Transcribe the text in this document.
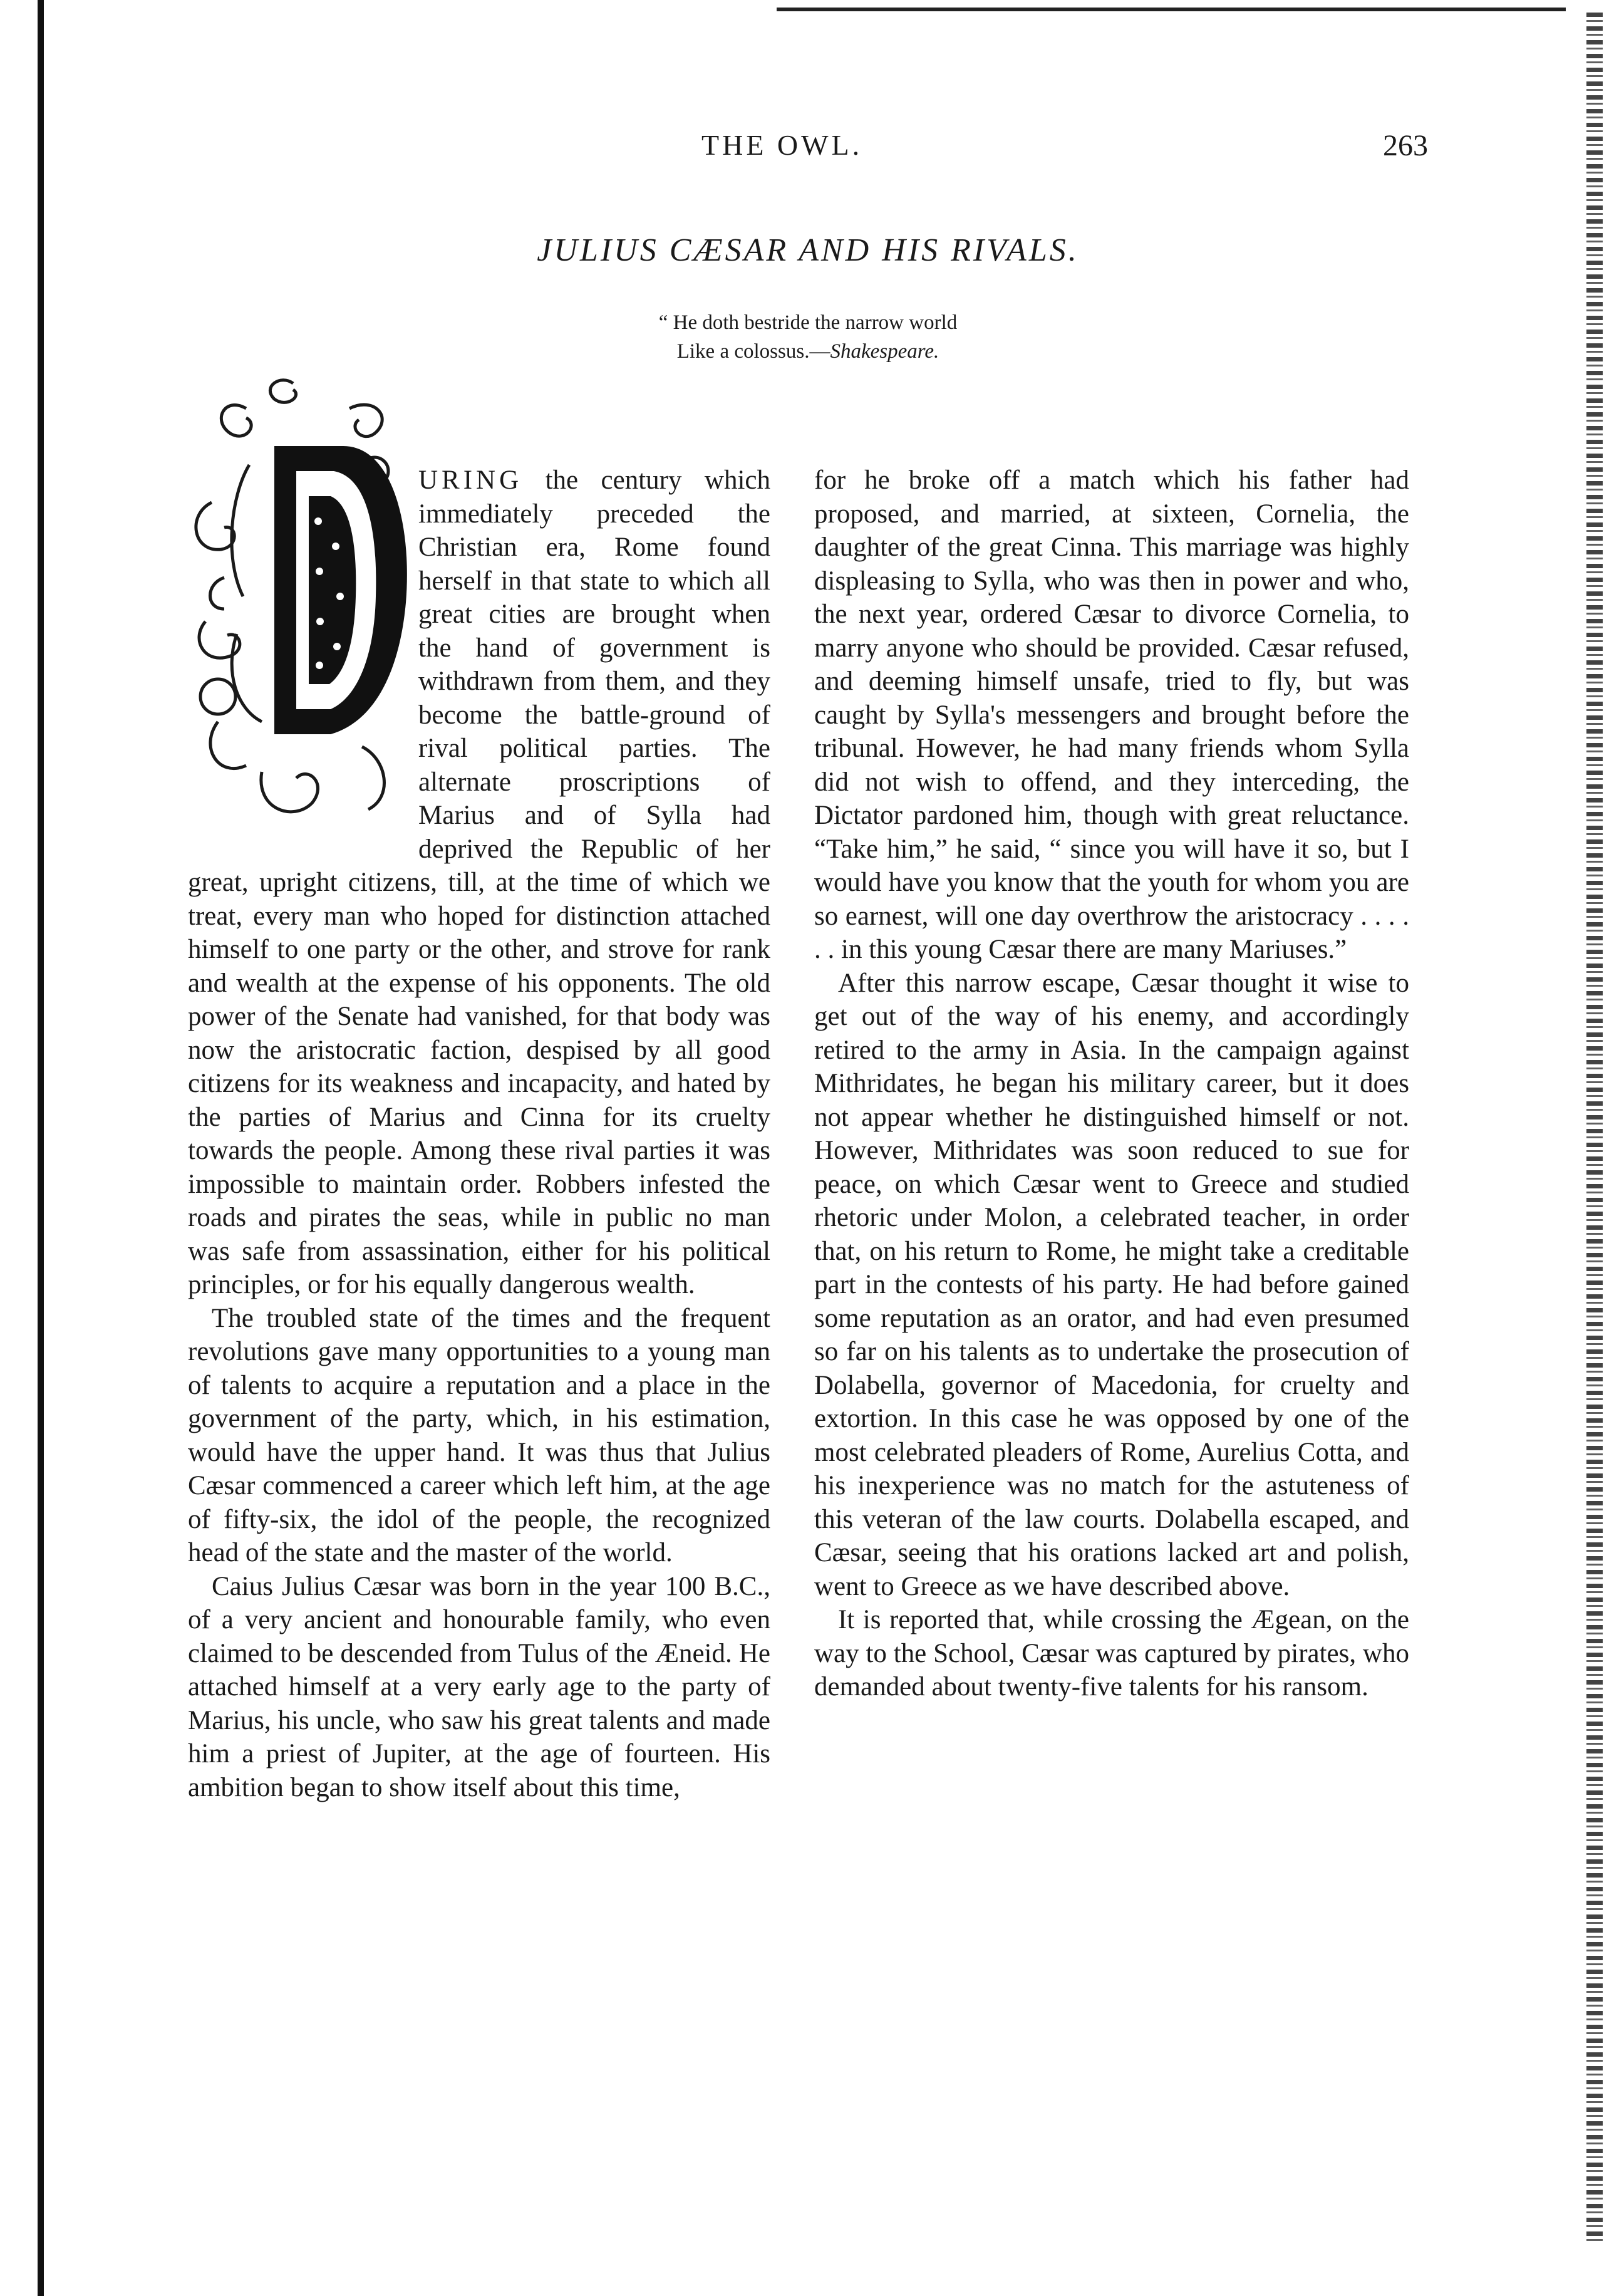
THE OWL.	263
JULIUS CÆSAR AND HIS RIVALS.
“ He doth bestride the narrow world
Like a colossus.—Shakespeare.

URING the century which immediately preceded the Christian era, Rome found herself in that state to which all great cities are brought when the hand of government is withdrawn from them, and they become the battle-ground of rival political parties. The alternate proscriptions of Marius and of Sylla had deprived the Republic of her great, upright citizens, till, at the time of which we treat, every man who hoped for distinction attached himself to one party or the other, and strove for rank and wealth at the expense of his opponents. The old power of the Senate had vanished, for that body was now the aristocratic faction, despised by all good citizens for its weakness and incapacity, and hated by the parties of Marius and Cinna for its cruelty towards the people. Among these rival parties it was impossible to maintain order. Robbers infested the roads and pirates the seas, while in public no man was safe from assassination, either for his political principles, or for his equally dangerous wealth.

The troubled state of the times and the frequent revolutions gave many opportunities to a young man of talents to acquire a reputation and a place in the government of the party, which, in his estimation, would have the upper hand. It was thus that Julius Cæsar commenced a career which left him, at the age of fifty-six, the idol of the people, the recognized head of the state and the master of the world.

Caius Julius Cæsar was born in the year 100 B.C., of a very ancient and honourable family, who even claimed to be descended from Tulus of the Æneid. He attached himself at a very early age to the party of Marius, his uncle, who saw his great talents and made him a priest of Jupiter, at the age of fourteen. His ambition began to show itself about this time,

for he broke off a match which his father had proposed, and married, at sixteen, Cornelia, the daughter of the great Cinna. This marriage was highly displeasing to Sylla, who was then in power and who, the next year, ordered Cæsar to divorce Cornelia, to marry anyone who should be provided. Cæsar refused, and deeming himself unsafe, tried to fly, but was caught by Sylla's messengers and brought before the tribunal. However, he had many friends whom Sylla did not wish to offend, and they interceding, the Dictator pardoned him, though with great reluctance. “Take him,” he said, “ since you will have it so, but I would have you know that the youth for whom you are so earnest, will one day overthrow the aristocracy . . . . . . in this young Cæsar there are many Mariuses.”

After this narrow escape, Cæsar thought it wise to get out of the way of his enemy, and accordingly retired to the army in Asia. In the campaign against Mithridates, he began his military career, but it does not appear whether he distinguished himself or not. However, Mithridates was soon reduced to sue for peace, on which Cæsar went to Greece and studied rhetoric under Molon, a celebrated teacher, in order that, on his return to Rome, he might take a creditable part in the contests of his party. He had before gained some reputation as an orator, and had even presumed so far on his talents as to undertake the prosecution of Dolabella, governor of Macedonia, for cruelty and extortion. In this case he was opposed by one of the most celebrated pleaders of Rome, Aurelius Cotta, and his inexperience was no match for the astuteness of this veteran of the law courts. Dolabella escaped, and Cæsar, seeing that his orations lacked art and polish, went to Greece as we have described above.

It is reported that, while crossing the Ægean, on the way to the School, Cæsar was captured by pirates, who demanded about twenty-five talents for his ransom.
